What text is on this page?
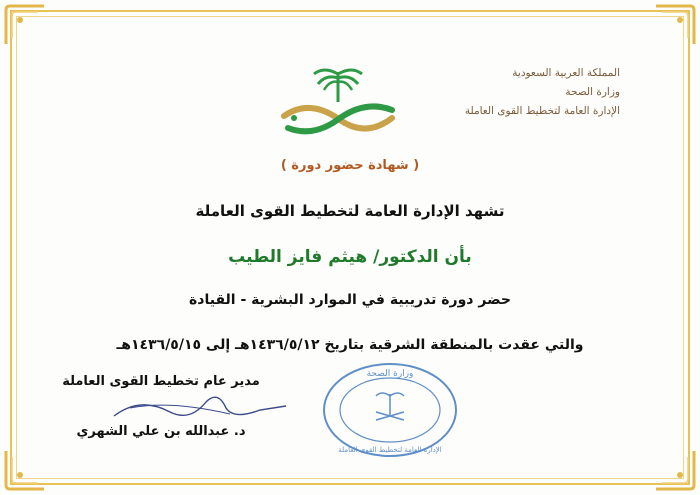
المملكة العربية السعودية
وزارة الصحة
الإدارة العامة لتخطيط القوى العاملة
( شهادة حضور دورة )
تشهد الإدارة العامة لتخطيط القوى العاملة
بأن الدكتور/ هيثم فايز الطيب
حضر دورة تدريبية في الموارد البشرية - القيادة
والتي عقدت بالمنطقة الشرقية بتاريخ ١٤٣٦/٥/١٢هـ إلى ١٤٣٦/٥/١٥هـ
مدير عام تخطيط القوى العاملة
د. عبدالله بن علي الشهري
وزارة الصحة
الإدارة العامة لتخطيط القوى العاملة
